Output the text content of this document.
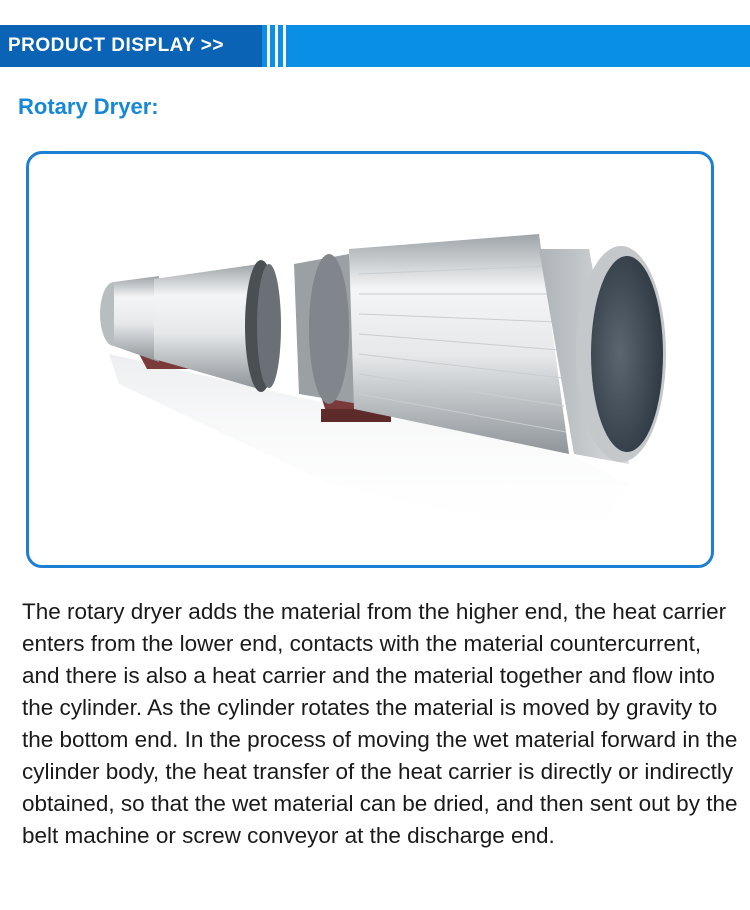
PRODUCT DISPLAY >>
Rotary Dryer:
The rotary dryer adds the material from the higher end, the heat carrier enters from the lower end, contacts with the material countercurrent, and there is also a heat carrier and the material together and flow into the cylinder. As the cylinder rotates the material is moved by gravity to the bottom end. In the process of moving the wet material forward in the cylinder body, the heat transfer of the heat carrier is directly or indirectly obtained, so that the wet material can be dried, and then sent out by the belt machine or screw conveyor at the discharge end.
